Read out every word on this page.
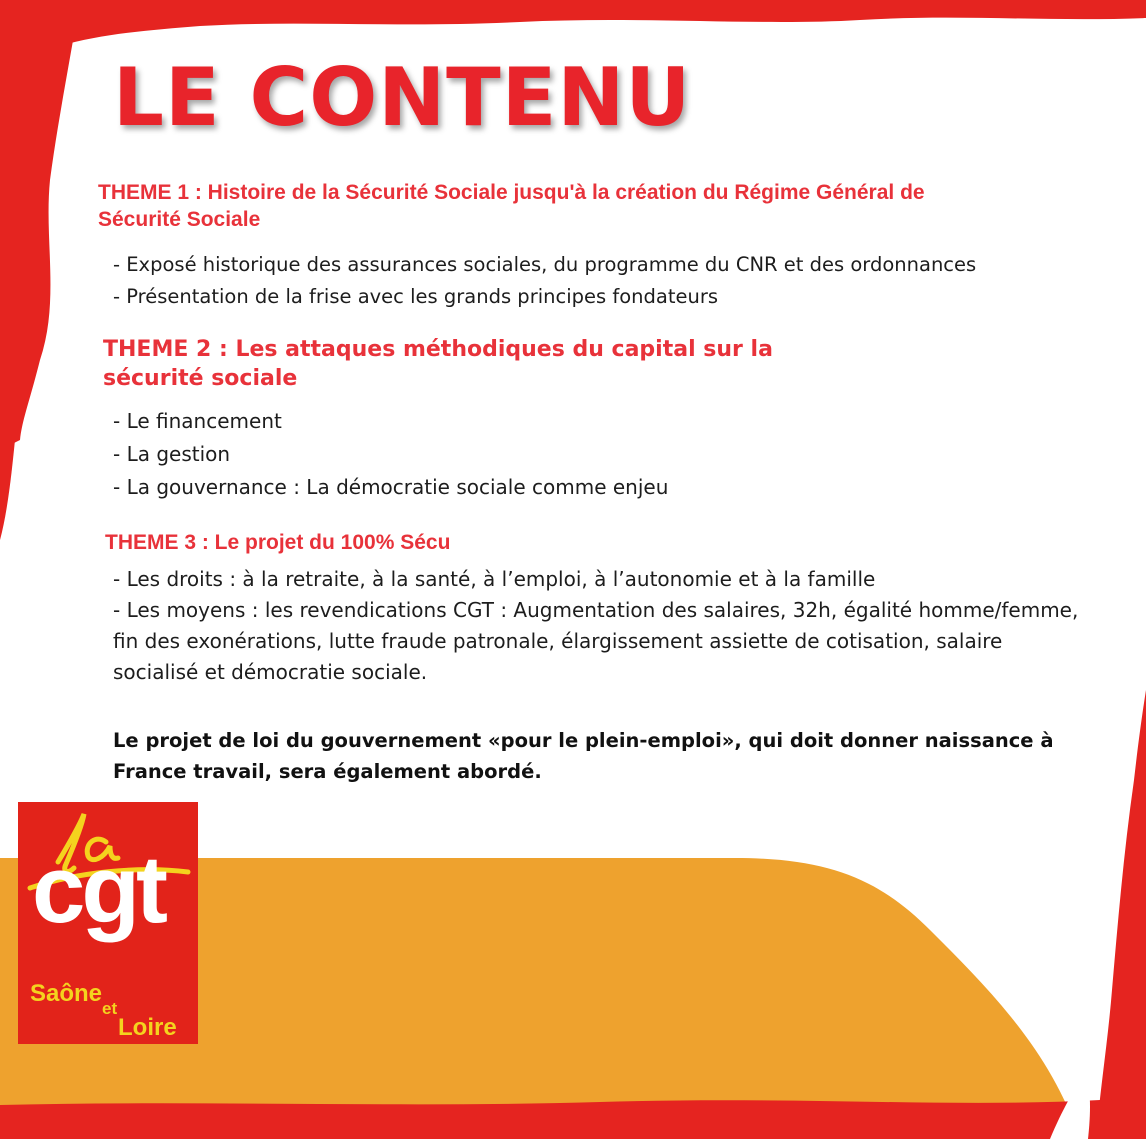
LE CONTENU
THEME 1 : Histoire de la Sécurité Sociale jusqu'à la création du Régime Général de Sécurité Sociale
- Exposé historique des assurances sociales, du programme du CNR et des ordonnances
- Présentation de la frise avec les grands principes fondateurs
THEME 2 : Les attaques méthodiques du capital sur la sécurité sociale
- Le financement
- La gestion
- La gouvernance : La démocratie sociale comme enjeu
THEME 3 : Le projet du 100% Sécu
- Les droits : à la retraite, à la santé, à l’emploi, à l’autonomie et à la famille
- Les moyens : les revendications CGT : Augmentation des salaires, 32h, égalité homme/femme, fin des exonérations, lutte fraude patronale, élargissement assiette de cotisation, salaire socialisé et démocratie sociale.

Le projet de loi du gouvernement «pour le plein-emploi», qui doit donner naissance à France travail, sera également abordé.

cgt

Saône

et

Loire
